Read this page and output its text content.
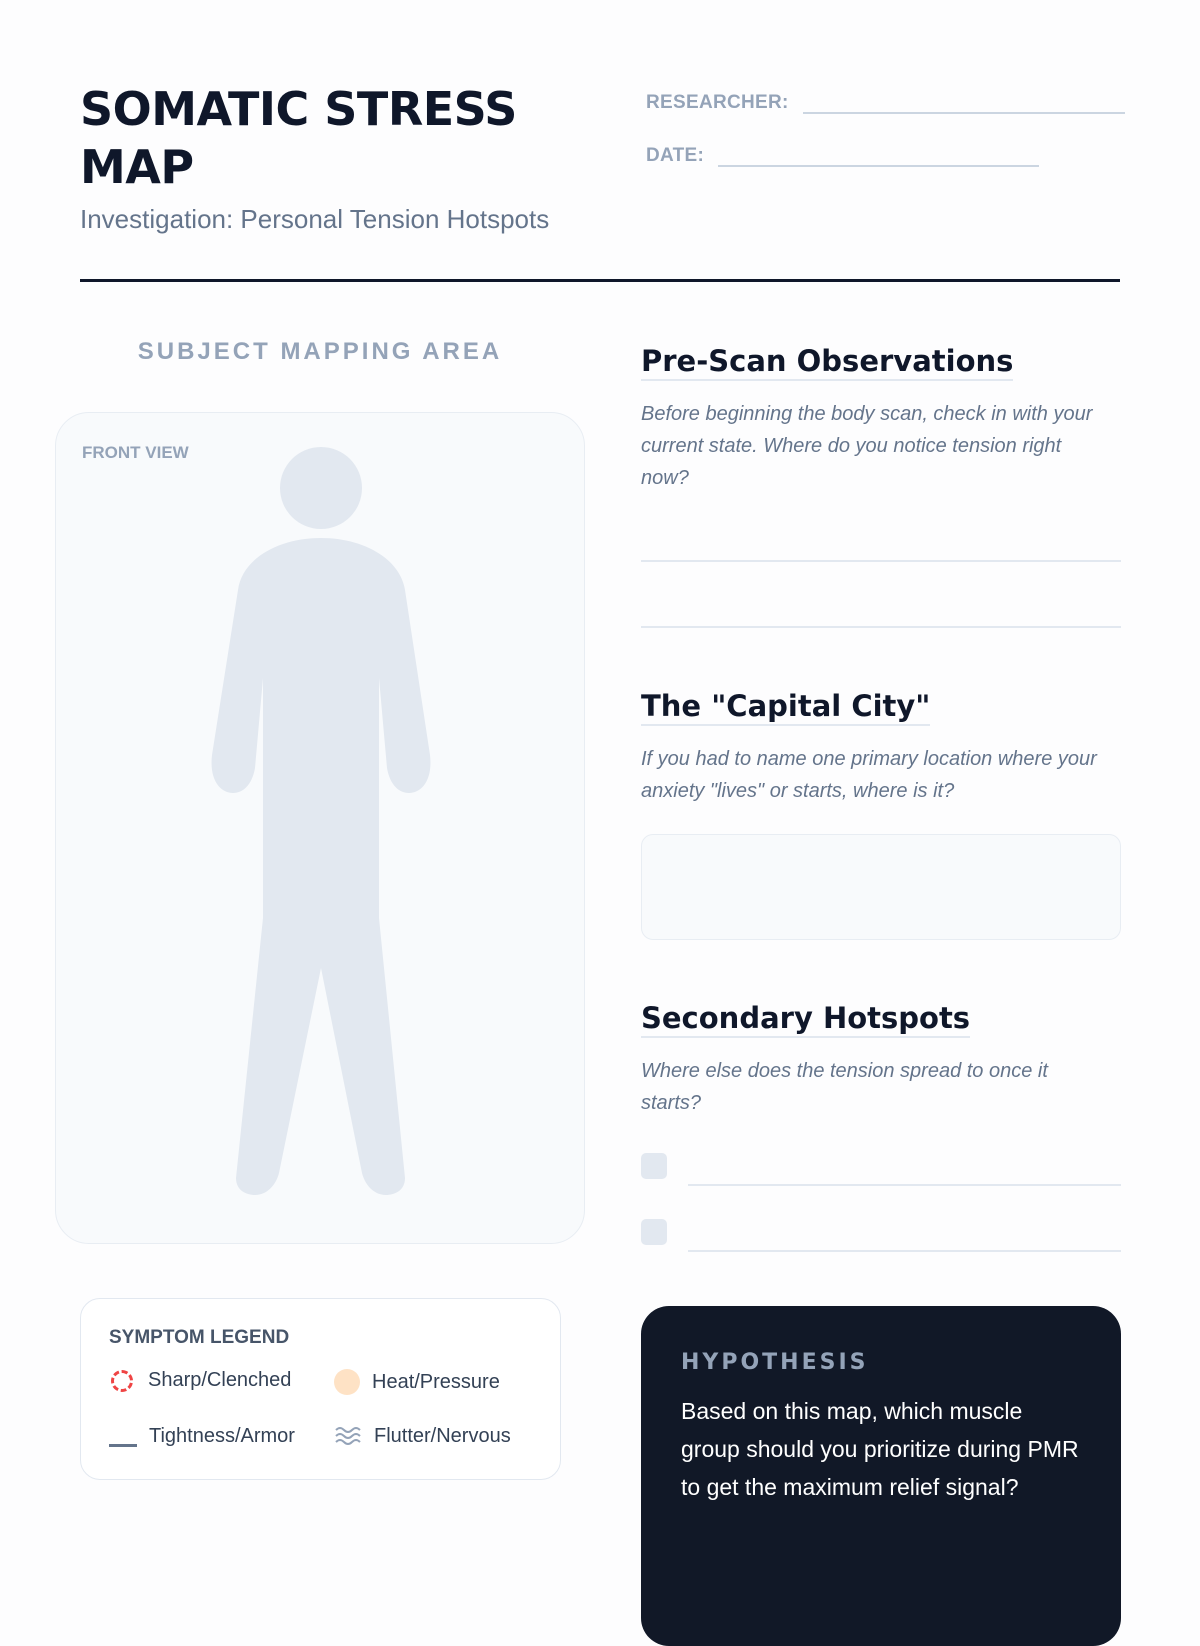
SOMATIC STRESS MAP

Investigation: Personal Tension Hotspots

RESEARCHER:
DATE:
SUBJECT MAPPING AREA
FRONT VIEW
SYMPTOM LEGEND
Sharp/Clenched	Heat/Pressure
Tightness/Armor	Flutter/Nervous
Pre-Scan Observations

Before beginning the body scan, check in with your current state. Where do you notice tension right now?

The "Capital City"

If you had to name one primary location where your anxiety "lives" or starts, where is it?

Secondary Hotspots

Where else does the tension spread to once it starts?

HYPOTHESIS

Based on this map, which muscle group should you prioritize during PMR to get the maximum relief signal?
